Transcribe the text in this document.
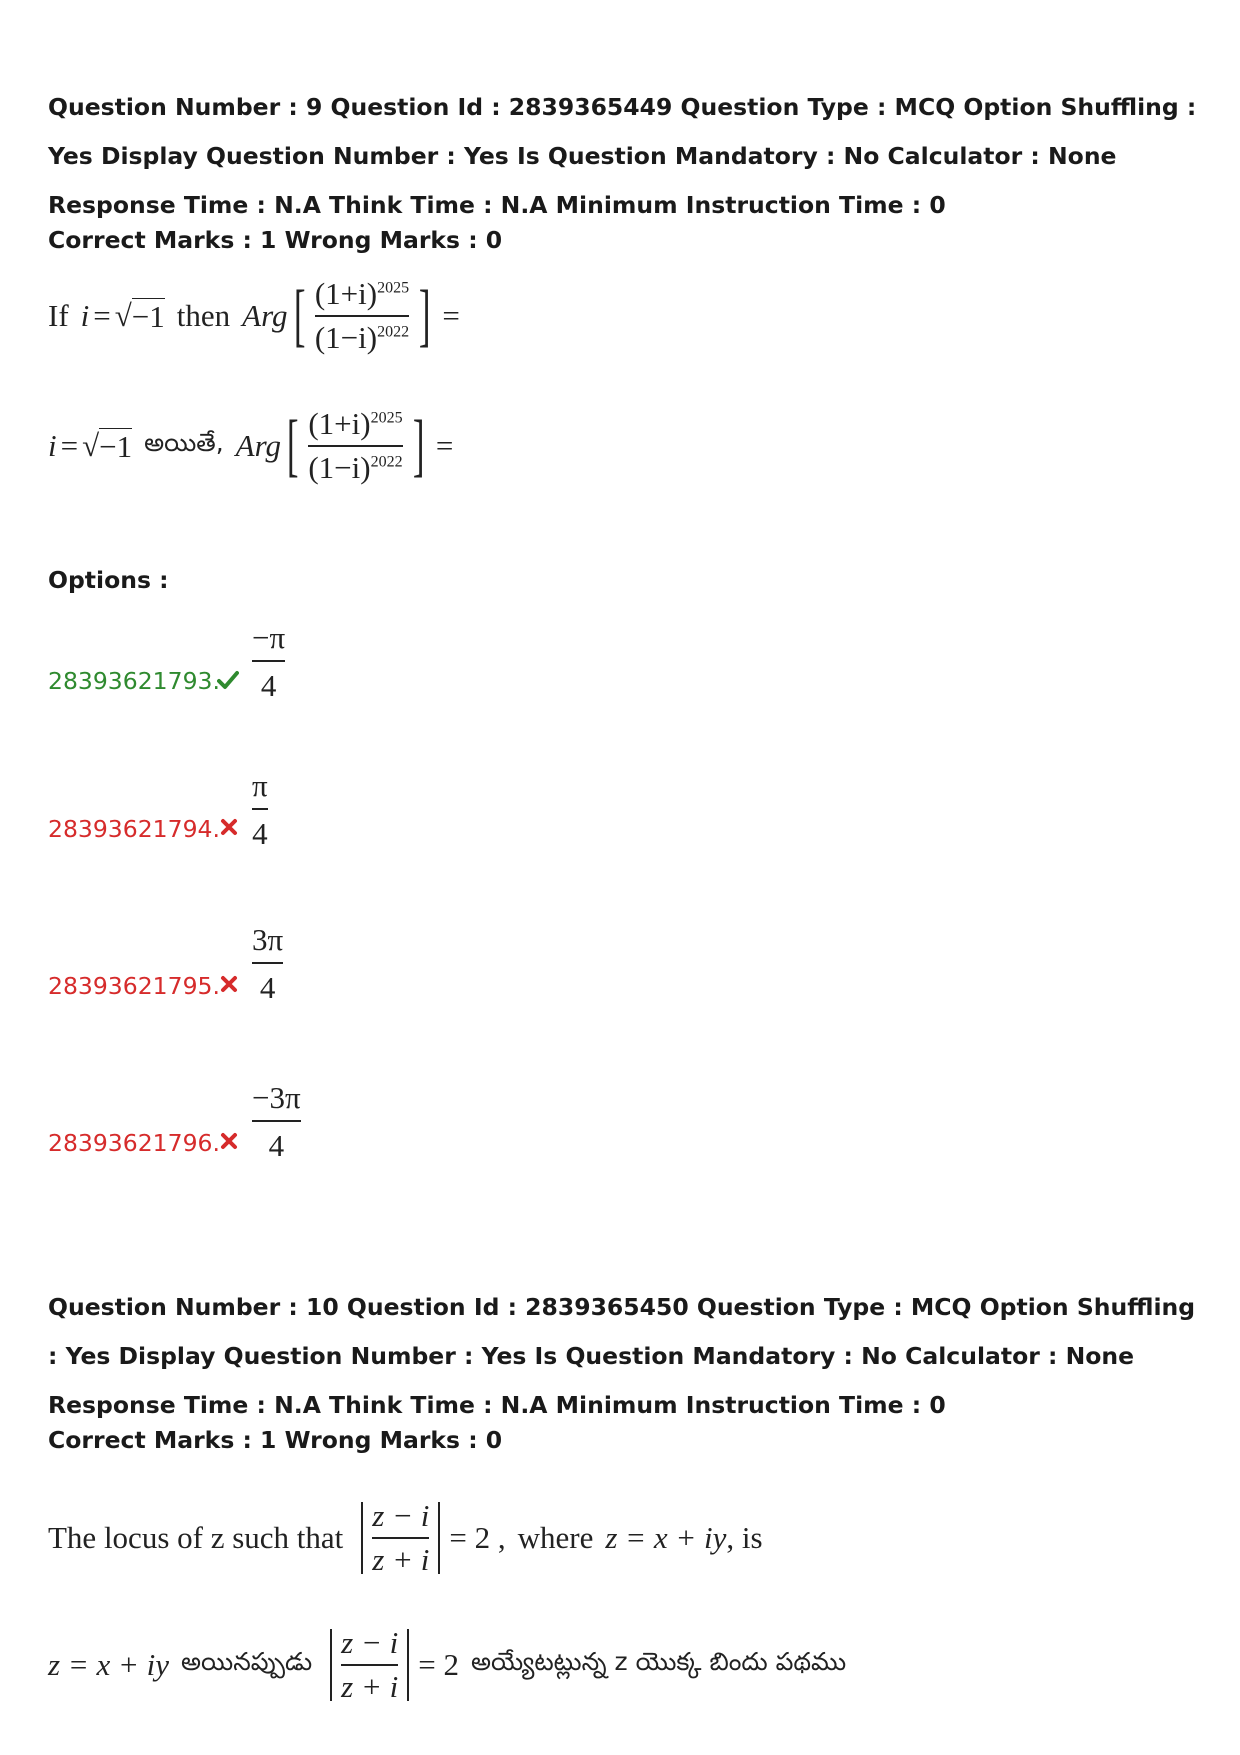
Question Number : 9 Question Id : 2839365449 Question Type : MCQ Option Shuffling : Yes Display Question Number : Yes Is Question Mandatory : No Calculator : None Response Time : N.A Think Time : N.A Minimum Instruction Time : 0

Correct Marks : 1 Wrong Marks : 0

If i = √ −1 then Arg [ $(1+i)^{2025}$
$(1-i)^{2022}$ ] =
i = √ −1 అయితే, Arg [ $(1+i)^{2025}$
$(1-i)^{2022}$ ] =
Options :
28393621793.
−π
4
28393621794.
π
4
28393621795.
3π
4
28393621796.
−3π
4

Question Number : 10 Question Id : 2839365450 Question Type : MCQ Option Shuffling : Yes Display Question Number : Yes Is Question Mandatory : No Calculator : None Response Time : N.A Think Time : N.A Minimum Instruction Time : 0

Correct Marks : 1 Wrong Marks : 0

The locus of z such that
z − i
z + i
= 2 , where z = x + iy , is
z = x + iy అయినప్పుడు
z − i
z + i
= 2 అయ్యేటట్లున్న z యొక్క బిందు పథము
